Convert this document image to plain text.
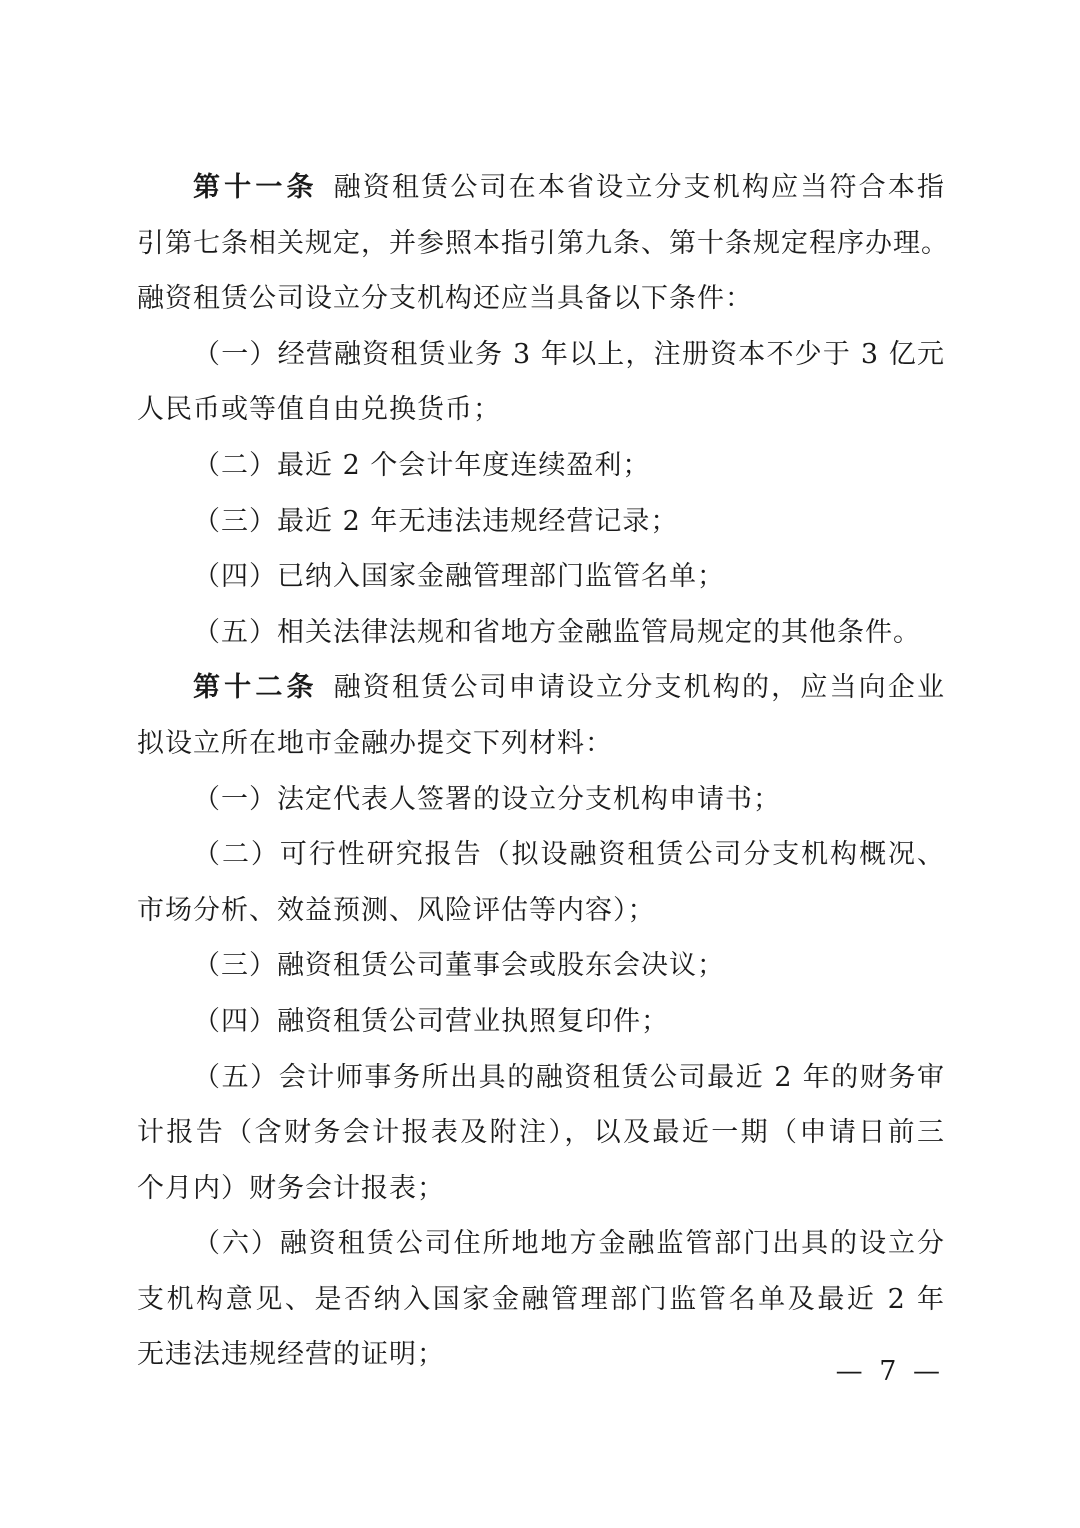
第十一条 融资租赁公司在本省设立分支机构应当符合本指
引第七条相关规定，并参照本指引第九条、第十条规定程序办理。
融资租赁公司设立分支机构还应当具备以下条件：
（一）经营融资租赁业务 3 年以上，注册资本不少于 3 亿元
人民币或等值自由兑换货币；
（二）最近 2 个会计年度连续盈利；
（三）最近 2 年无违法违规经营记录；
（四）已纳入国家金融管理部门监管名单；
（五）相关法律法规和省地方金融监管局规定的其他条件。
第十二条 融资租赁公司申请设立分支机构的，应当向企业
拟设立所在地市金融办提交下列材料：
（一）法定代表人签署的设立分支机构申请书；
（二）可行性研究报告（拟设融资租赁公司分支机构概况、
市场分析、效益预测、风险评估等内容）；
（三）融资租赁公司董事会或股东会决议；
（四）融资租赁公司营业执照复印件；
（五）会计师事务所出具的融资租赁公司最近 2 年的财务审
计报告（含财务会计报表及附注），以及最近一期（申请日前三
个月内）财务会计报表；
（六）融资租赁公司住所地地方金融监管部门出具的设立分
支机构意见、是否纳入国家金融管理部门监管名单及最近 2 年
无违法违规经营的证明；
— 7 —
